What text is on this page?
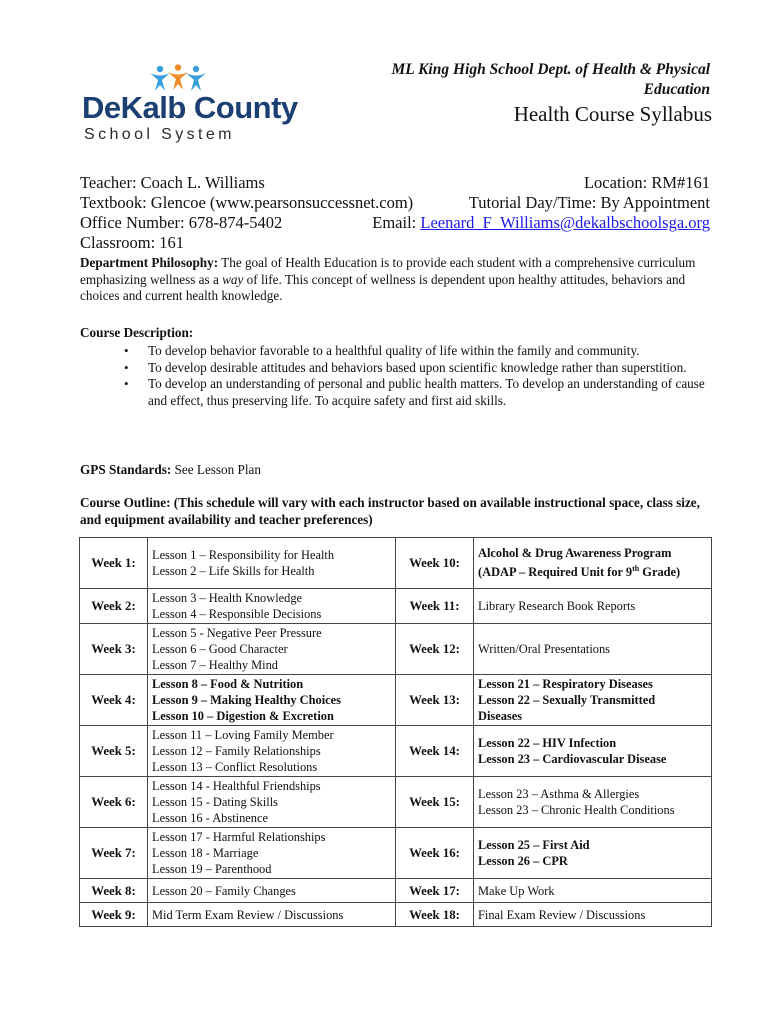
DeKalb County
School System
ML King High School Dept. of Health & Physical
Education
Health Course Syllabus
Teacher: Coach L. Williams	Location: RM#161
Textbook: Glencoe (www.pearsonsuccessnet.com)	Tutorial Day/Time: By Appointment
Office Number: 678-874-5402	Email: Leenard_F_Williams@dekalbschoolsga.org
Classroom: 161
Department Philosophy: The goal of Health Education is to provide each student with a comprehensive curriculum emphasizing wellness as a way of life. This concept of wellness is dependent upon healthy attitudes, behaviors and choices and current health knowledge.
Course Description:
• To develop behavior favorable to a healthful quality of life within the family and community.
• To develop desirable attitudes and behaviors based upon scientific knowledge rather than superstition.
• To develop an understanding of personal and public health matters. To develop an understanding of cause and effect, thus preserving life. To acquire safety and first aid skills.
GPS Standards: See Lesson Plan
Course Outline: (This schedule will vary with each instructor based on available instructional space, class size, and equipment availability and teacher preferences)
Week 1:	Lesson 1 – Responsibility for Health
Lesson 2 – Life Skills for Health	Week 10:	Alcohol & Drug Awareness Program
(ADAP – Required Unit for 9th Grade)

Week 2:	Lesson 3 – Health Knowledge
Lesson 4 – Responsible Decisions	Week 11:	Library Research Book Reports

Week 3:	Lesson 5 - Negative Peer Pressure
Lesson 6 – Good Character
Lesson 7 – Healthy Mind	Week 12:	Written/Oral Presentations

Week 4:	Lesson 8 – Food & Nutrition
Lesson 9 – Making Healthy Choices
Lesson 10 – Digestion & Excretion	Week 13:	Lesson 21 – Respiratory Diseases
Lesson 22 – Sexually Transmitted
Diseases

Week 5:	Lesson 11 – Loving Family Member
Lesson 12 – Family Relationships
Lesson 13 – Conflict Resolutions	Week 14:	Lesson 22 – HIV Infection
Lesson 23 – Cardiovascular Disease

Week 6:	Lesson 14 - Healthful Friendships
Lesson 15 - Dating Skills
Lesson 16 - Abstinence	Week 15:	Lesson 23 – Asthma & Allergies
Lesson 23 – Chronic Health Conditions

Week 7:	Lesson 17 - Harmful Relationships
Lesson 18 - Marriage
Lesson 19 – Parenthood	Week 16:	Lesson 25 – First Aid
Lesson 26 – CPR

Week 8:	Lesson 20 – Family Changes	Week 17:	Make Up Work

Week 9:	Mid Term Exam Review / Discussions	Week 18:	Final Exam Review / Discussions
